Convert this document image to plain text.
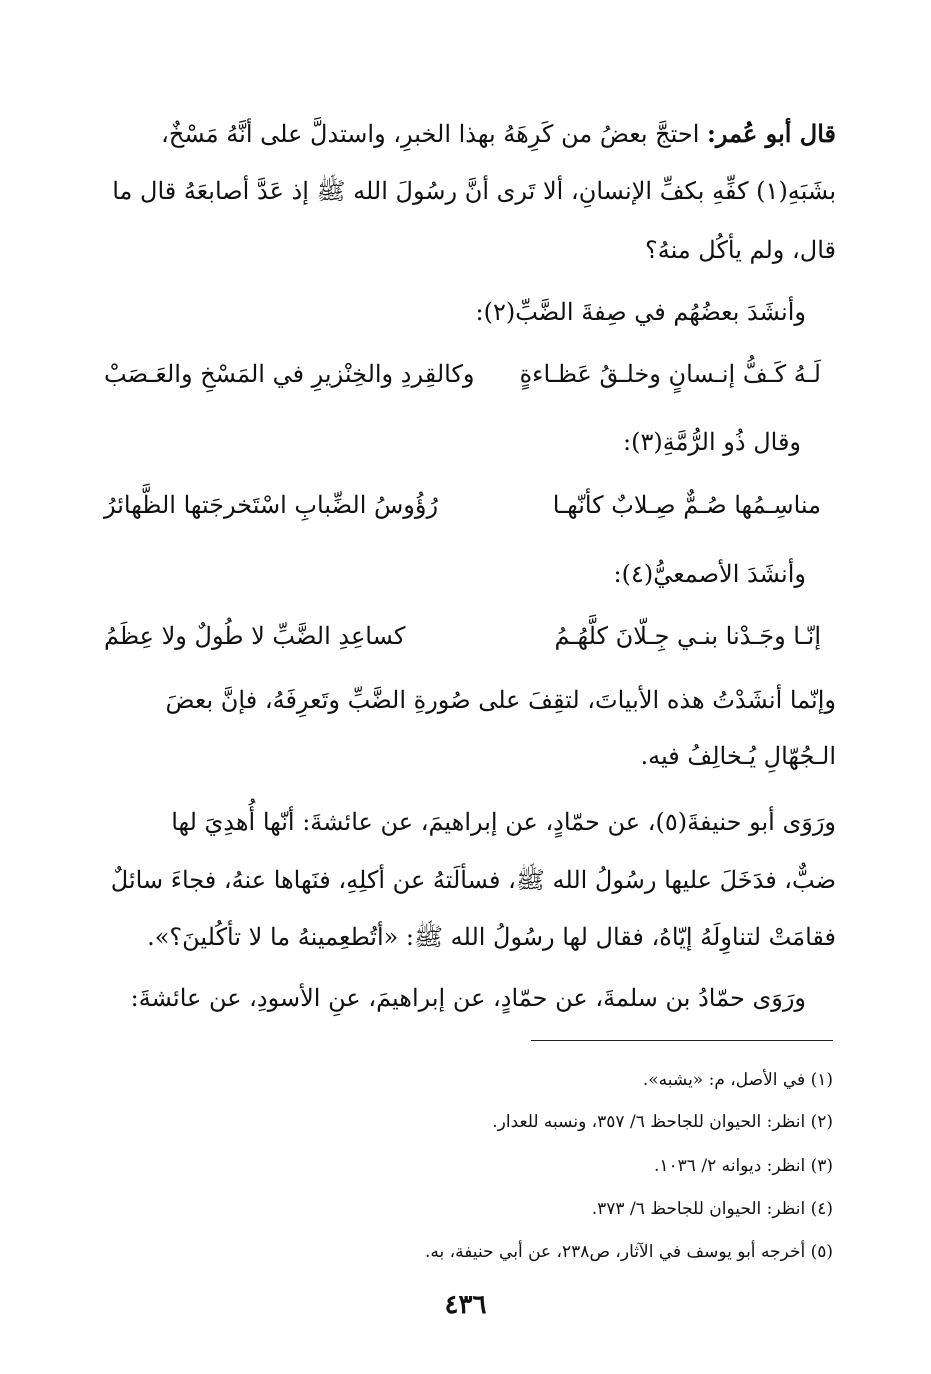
قال أبو عُمر: احتجَّ بعضُ من كَرِهَهُ بهذا الخبرِ، واستدلَّ على أنَّهُ مَسْخٌ،
بشَبَهِ(١) كفِّهِ بكفِّ الإنسانِ، ألا تَرى أنَّ رسُولَ الله ﷺ إذ عَدَّ أصابعَهُ قال ما
قال، ولم يأكُل منهُ؟
وأنشَدَ بعضُهُم في صِفةَ الضَّبِّ(٢):
لَـهُ كَـفُّ إنـسانٍ وخلـقُ عَظـاءةٍ
وكالقِردِ والخِنْزيرِ في المَسْخِ والعَـصَبْ
وقال ذُو الرُّمَّةِ(٣):
مناسِـمُها صُـمٌّ صِـلابٌ كأنّهـا
رُؤُوسُ الضِّبابِ اسْتَخرجَتها الظَّهائرُ
وأنشَدَ الأصمعيُّ(٤):
إنّـا وجَـدْنا بنـي جِـلّانَ كلَّهُـمُ
كساعِدِ الضَّبِّ لا طُولٌ ولا عِظَمُ
وإنّما أنشَدْتُ هذه الأبياتَ، لتقِفَ على صُورةِ الضَّبِّ وتَعرِفَهُ، فإنَّ بعضَ
الـجُهّالِ يُـخالِفُ فيه.
ورَوَى أبو حنيفةَ(٥)، عن حمّادٍ، عن إبراهيمَ، عن عائشةَ: أنّها أُهدِيَ لها
ضبٌّ، فدَخَلَ عليها رسُولُ الله ﷺ، فسألَتهُ عن أكلِهِ، فنَهاها عنهُ، فجاءَ سائلٌ
فقامَتْ لتناوِلَهُ إيّاهُ، فقال لها رسُولُ الله ﷺ: «أتُطعِمينهُ ما لا تأكُلينَ؟».
ورَوَى حمّادُ بن سلمةَ، عن حمّادٍ، عن إبراهيمَ، عنِ الأسودِ، عن عائشةَ:
(١) في الأصل، م: «يشبه».
(٢) انظر: الحيوان للجاحظ ٦/ ٣٥٧، ونسبه للعدار.
(٣) انظر: ديوانه ٢/ ١٠٣٦.
(٤) انظر: الحيوان للجاحظ ٦/ ٣٧٣.
(٥) أخرجه أبو يوسف في الآثار، ص٢٣٨، عن أبي حنيفة، به.
٤٣٦
